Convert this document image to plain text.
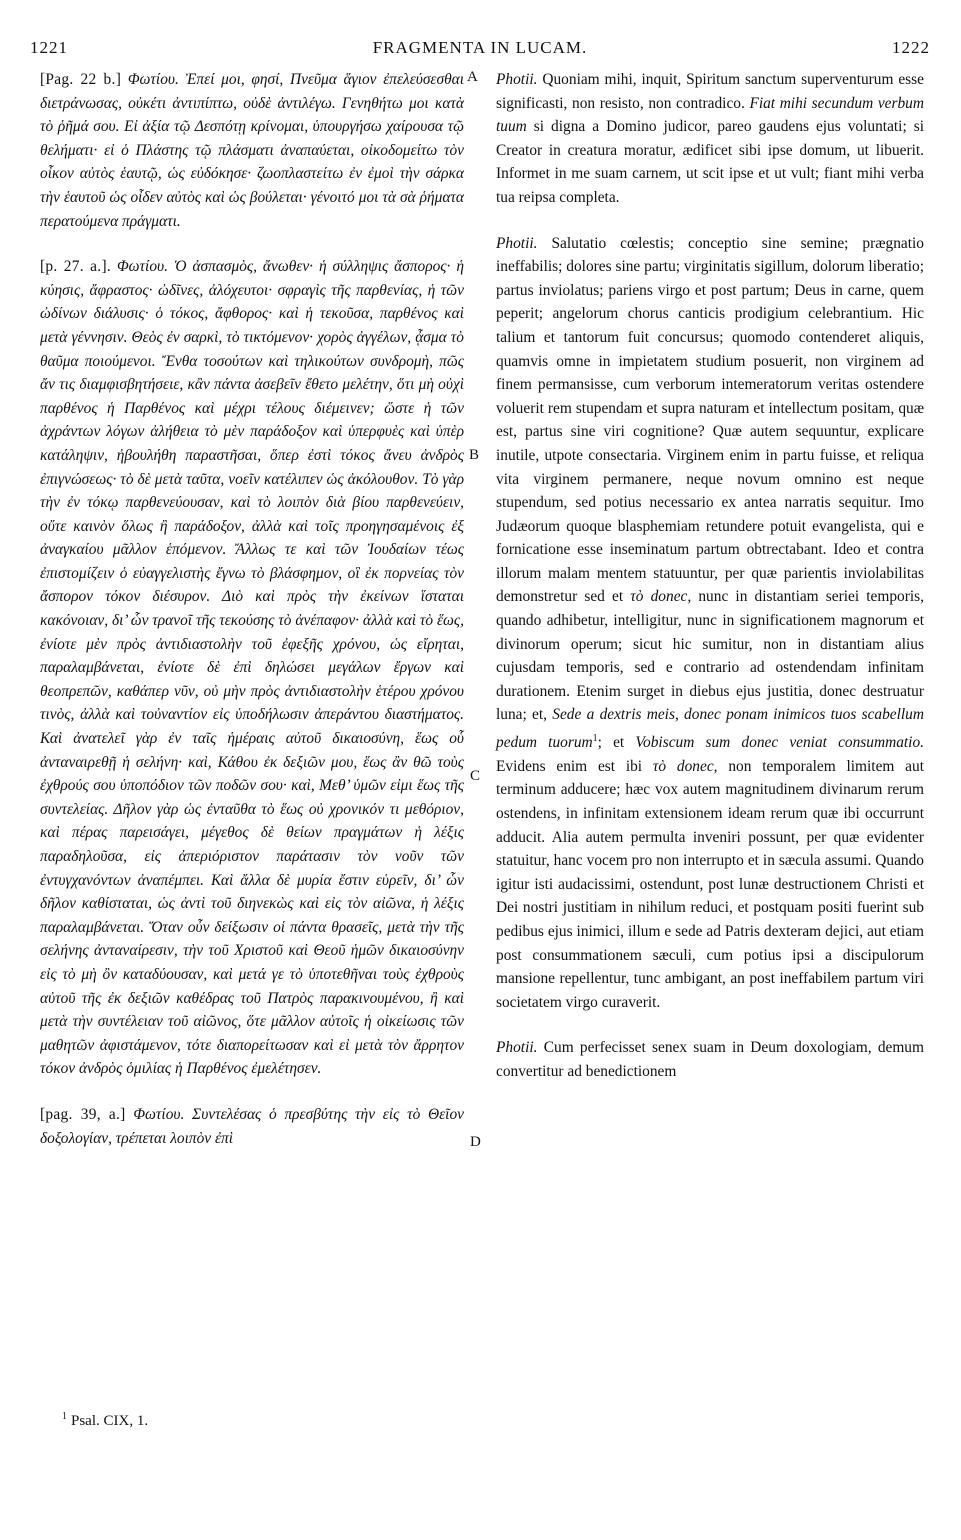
1221	FRAGMENTA IN LUCAM.	1222
A
B
C
D

[Pag. 22 b.] Φωτίου. Ἐπεί μοι, φησί, Πνεῦμα ἅγιον ἐπελεύσεσθαι διετράνωσας, οὐκέτι ἀντιπίπτω, οὐδὲ ἀντιλέγω. Γενηθήτω μοι κατὰ τὸ ῥῆμά σου. Εἰ ἀξία τῷ Δεσπότῃ κρίνομαι, ὑπουργήσω χαίρουσα τῷ θελήματι· εἰ ὁ Πλάστης τῷ πλάσματι ἀναπαύεται, οἰκοδομείτω τὸν οἶκον αὐτὸς ἑαυτῷ, ὡς εὐδόκησε· ζωοπλαστείτω ἐν ἐμοὶ τὴν σάρκα τὴν ἑαυτοῦ ὡς οἶδεν αὐτὸς καὶ ὡς βούλεται· γένοιτό μοι τὰ σὰ ῥήματα περατούμενα πράγματι.

[p. 27. a.]. Φωτίου. Ὁ ἀσπασμὸς, ἄνωθεν· ἡ σύλληψις ἄσπορος· ἡ κύησις, ἄφραστος· ὠδῖνες, ἀλόχευτοι· σφραγὶς τῆς παρθενίας, ἡ τῶν ὠδίνων διάλυσις· ὁ τόκος, ἄφθορος· καὶ ἡ τεκοῦσα, παρθένος καὶ μετὰ γέννησιν. Θεὸς ἐν σαρκὶ, τὸ τικτόμενον· χορὸς ἀγγέλων, ᾆσμα τὸ θαῦμα ποιούμενοι. Ἔνθα τοσούτων καὶ τηλικούτων συνδρομὴ, πῶς ἄν τις διαμφισβητήσειε, κἂν πάντα ἀσεβεῖν ἔθετο μελέτην, ὅτι μὴ οὐχὶ παρθένος ἡ Παρθένος καὶ μέχρι τέλους διέμεινεν; ὥστε ἡ τῶν ἀχράντων λόγων ἀλήθεια τὸ μὲν παράδοξον καὶ ὑπερφυὲς καὶ ὑπὲρ κατάληψιν, ἠβουλήθη παραστῆσαι, ὅπερ ἐστὶ τόκος ἄνευ ἀνδρὸς ἐπιγνώσεως· τὸ δὲ μετὰ ταῦτα, νοεῖν κατέλιπεν ὡς ἀκόλουθον. Τὸ γὰρ τὴν ἐν τόκῳ παρθενεύουσαν, καὶ τὸ λοιπὸν διὰ βίου παρθενεύειν, οὔτε καινὸν ὅλως ἢ παράδοξον, ἀλλὰ καὶ τοῖς προηγησαμένοις ἐξ ἀναγκαίου μᾶλλον ἑπόμενον. Ἄλλως τε καὶ τῶν Ἰουδαίων τέως ἐπιστομίζειν ὁ εὐαγγελιστὴς ἔγνω τὸ βλάσφημον, οἳ ἐκ πορνείας τὸν ἄσπορον τόκον διέσυρον. Διὸ καὶ πρὸς τὴν ἐκείνων ἵσταται κακόνοιαν, δι’ ὧν τρανοῖ τῆς τεκούσης τὸ ἀνέπαφον· ἀλλὰ καὶ τὸ ἕως, ἐνίοτε μὲν πρὸς ἀντιδιαστολὴν τοῦ ἐφεξῆς χρόνου, ὡς εἴρηται, παραλαμβάνεται, ἐνίοτε δὲ ἐπὶ δηλώσει μεγάλων ἔργων καὶ θεοπρεπῶν, καθάπερ νῦν, οὐ μὴν πρὸς ἀντιδιαστολὴν ἑτέρου χρόνου τινὸς, ἀλλὰ καὶ τοὐναντίον εἰς ὑποδήλωσιν ἀπεράντου διαστήματος. Καὶ ἀνατελεῖ γὰρ ἐν ταῖς ἡμέραις αὐτοῦ δικαιοσύνη, ἕως οὗ ἀνταναιρεθῇ ἡ σελήνη· καὶ, Κάθου ἐκ δεξιῶν μου, ἕως ἂν θῶ τοὺς ἐχθρούς σου ὑποπόδιον τῶν ποδῶν σου· καὶ, Μεθ’ ὑμῶν εἰμι ἕως τῆς συντελείας. Δῆλον γὰρ ὡς ἐνταῦθα τὸ ἕως οὐ χρονικόν τι μεθόριον, καὶ πέρας παρεισάγει, μέγεθος δὲ θείων πραγμάτων ἡ λέξις παραδηλοῦσα, εἰς ἀπεριόριστον παράτασιν τὸν νοῦν τῶν ἐντυγχανόντων ἀναπέμπει. Καὶ ἄλλα δὲ μυρία ἔστιν εὑρεῖν, δι’ ὧν δῆλον καθίσταται, ὡς ἀντὶ τοῦ διηνεκὼς καὶ εἰς τὸν αἰῶνα, ἡ λέξις παραλαμβάνεται. Ὅταν οὖν δείξωσιν οἱ πάντα θρασεῖς, μετὰ τὴν τῆς σελήνης ἀνταναίρεσιν, τὴν τοῦ Χριστοῦ καὶ Θεοῦ ἡμῶν δικαιοσύνην εἰς τὸ μὴ ὂν καταδύουσαν, καὶ μετά γε τὸ ὑποτεθῆναι τοὺς ἐχθροὺς αὐτοῦ τῆς ἐκ δεξιῶν καθέδρας τοῦ Πατρὸς παρακινουμένου, ἢ καὶ μετὰ τὴν συντέλειαν τοῦ αἰῶνος, ὅτε μᾶλλον αὐτοῖς ἡ οἰκείωσις τῶν μαθητῶν ἀφιστάμενον, τότε διαπορείτωσαν καὶ εἰ μετὰ τὸν ἄρρητον τόκον ἀνδρὸς ὁμιλίας ἡ Παρθένος ἐμελέτησεν.

[pag. 39, a.] Φωτίου. Συντελέσας ὁ πρεσβύτης τὴν εἰς τὸ Θεῖον δοξολογίαν, τρέπεται λοιπὸν ἐπὶ

$^1$ Psal. CIX, 1.

Photii. Quoniam mihi, inquit, Spiritum sanctum superventurum esse significasti, non resisto, non contradico. Fiat mihi secundum verbum tuum si digna a Domino judicor, pareo gaudens ejus voluntati; si Creator in creatura moratur, ædificet sibi ipse domum, ut libuerit. Informet in me suam carnem, ut scit ipse et ut vult; fiant mihi verba tua reipsa completa.

Photii. Salutatio cœlestis; conceptio sine semine; prægnatio ineffabilis; dolores sine partu; virginitatis sigillum, dolorum liberatio; partus inviolatus; pariens virgo et post partum; Deus in carne, quem peperit; angelorum chorus canticis prodigium celebrantium. Hic talium et tantorum fuit concursus; quomodo contenderet aliquis, quamvis omne in impietatem studium posuerit, non virginem ad finem permansisse, cum verborum intemeratorum veritas ostendere voluerit rem stupendam et supra naturam et intellectum positam, quæ est, partus sine viri cognitione? Quæ autem sequuntur, explicare inutile, utpote consectaria. Virginem enim in partu fuisse, et reliqua vita virginem permanere, neque novum omnino est neque stupendum, sed potius necessario ex antea narratis sequitur. Imo Judæorum quoque blasphemiam retundere potuit evangelista, qui e fornicatione esse inseminatum partum obtrectabant. Ideo et contra illorum malam mentem statuuntur, per quæ parientis inviolabilitas demonstretur sed et τὸ donec, nunc in distantiam seriei temporis, quando adhibetur, intelligitur, nunc in significationem magnorum et divinorum operum; sicut hic sumitur, non in distantiam alius cujusdam temporis, sed e contrario ad ostendendam infinitam durationem. Etenim surget in diebus ejus justitia, donec destruatur luna; et, Sede a dextris meis, donec ponam inimicos tuos scabellum pedum tuorum$^1$; et Vobiscum sum donec veniat consummatio. Evidens enim est ibi τὸ donec, non temporalem limitem aut terminum adducere; hæc vox autem magnitudinem divinarum rerum ostendens, in infinitam extensionem ideam rerum quæ ibi occurrunt adducit. Alia autem permulta inveniri possunt, per quæ evidenter statuitur, hanc vocem pro non interrupto et in sæcula assumi. Quando igitur isti audacissimi, ostendunt, post lunæ destructionem Christi et Dei nostri justitiam in nihilum reduci, et postquam positi fuerint sub pedibus ejus inimici, illum e sede ad Patris dexteram dejici, aut etiam post consummationem sæculi, cum potius ipsi a discipulorum mansione repellentur, tunc ambigant, an post ineffabilem partum viri societatem virgo curaverit.

Photii. Cum perfecisset senex suam in Deum doxologiam, demum convertitur ad benedictionem
